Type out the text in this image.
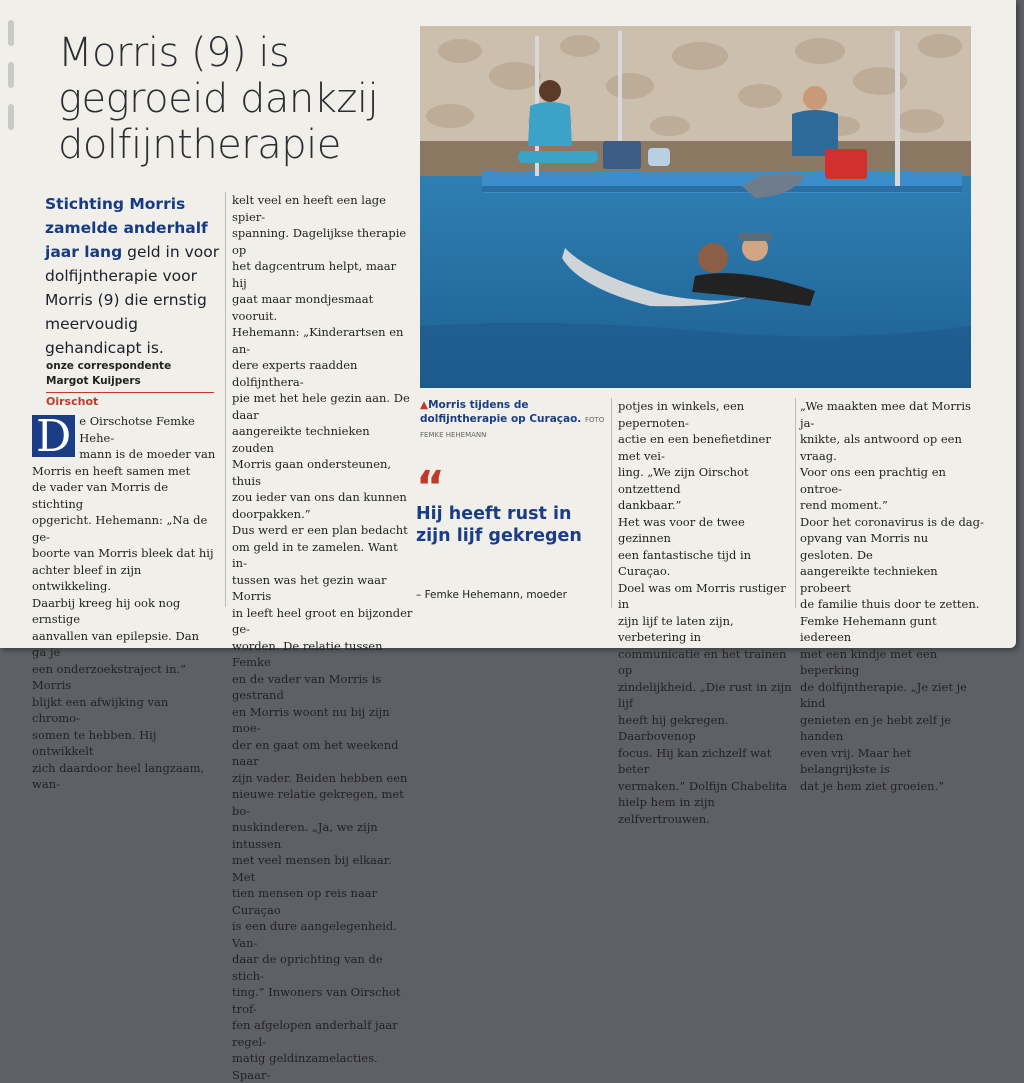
Morris (9) is
gegroeid dankzij
dolfijntherapie
Stichting Morris zamelde anderhalf jaar lang geld in voor dolfijntherapie voor Morris (9) die ernstig meervoudig gehandicapt is.
onze correspondente
Margot Kuijpers
Oirschot
D e Oirschotse Femke Hehe-
mann is de moeder van
Morris en heeft samen met
de vader van Morris de stichting
opgericht. Hehemann: „Na de ge-
boorte van Morris bleek dat hij
achter bleef in zijn ontwikkeling.
Daarbij kreeg hij ook nog ernstige
aanvallen van epilepsie. Dan ga je
een onderzoekstraject in.” Morris
blijkt een afwijking van chromo-
somen te hebben. Hij ontwikkelt
zich daardoor heel langzaam, wan-
kelt veel en heeft een lage spier-
spanning. Dagelijkse therapie op
het dagcentrum helpt, maar hij
gaat maar mondjesmaat vooruit.
Hehemann: „Kinderartsen en an-
dere experts raadden dolfijnthera-
pie met het hele gezin aan. De daar
aangereikte technieken zouden
Morris gaan ondersteunen, thuis
zou ieder van ons dan kunnen
doorpakken.”
Dus werd er een plan bedacht
om geld in te zamelen. Want in-
tussen was het gezin waar Morris
in leeft heel groot en bijzonder ge-
worden. De relatie tussen Femke
en de vader van Morris is gestrand
en Morris woont nu bij zijn moe-
der en gaat om het weekend naar
zijn vader. Beiden hebben een
nieuwe relatie gekregen, met bo-
nuskinderen. „Ja, we zijn intussen
met veel mensen bij elkaar. Met
tien mensen op reis naar Curaçao
is een dure aangelegenheid. Van-
daar de oprichting van de stich-
ting.” Inwoners van Oirschot trof-
fen afgelopen anderhalf jaar regel-
matig geldinzamelacties. Spaar-
▲Morris tijdens de dolfijntherapie op Curaçao. FOTO FEMKE HEHEMANN
“
Hij heeft rust in zijn lijf gekregen
– Femke Hehemann, moeder
potjes in winkels, een pepernoten-
actie en een benefietdiner met vei-
ling. „We zijn Oirschot ontzettend
dankbaar.”
Het was voor de twee gezinnen
een fantastische tijd in Curaçao.
Doel was om Morris rustiger in
zijn lijf te laten zijn, verbetering in
communicatie en het trainen op
zindelijkheid. „Die rust in zijn lijf
heeft hij gekregen. Daarbovenop
focus. Hij kan zichzelf wat beter
vermaken.” Dolfijn Chabelita
hielp hem in zijn zelfvertrouwen.
„We maakten mee dat Morris ja-
knikte, als antwoord op een vraag.
Voor ons een prachtig en ontroe-
rend moment.”
Door het coronavirus is de dag-
opvang van Morris nu gesloten. De
aangereikte technieken probeert
de familie thuis door te zetten.
Femke Hehemann gunt iedereen
met een kindje met een beperking
de dolfijntherapie. „Je ziet je kind
genieten en je hebt zelf je handen
even vrij. Maar het belangrijkste is
dat je hem ziet groeien.”
